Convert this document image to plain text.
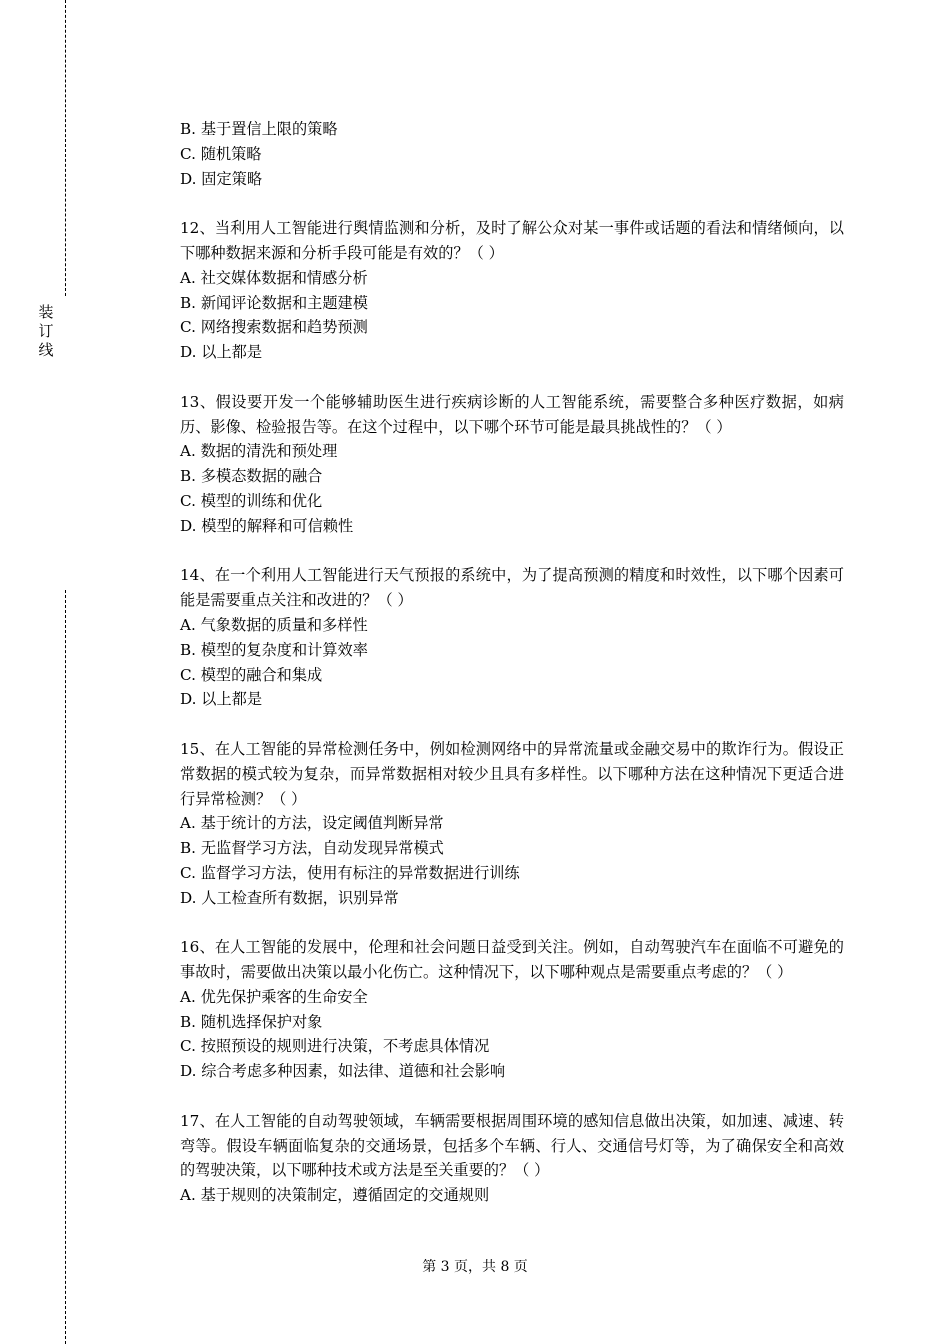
装
订
线
B. 基于置信上限的策略
C. 随机策略
D. 固定策略
12、当利用人工智能进行舆情监测和分析，及时了解公众对某一事件或话题的看法和情绪倾向，以下哪种数据来源和分析手段可能是有效的？（ ）
A. 社交媒体数据和情感分析
B. 新闻评论数据和主题建模
C. 网络搜索数据和趋势预测
D. 以上都是
13、假设要开发一个能够辅助医生进行疾病诊断的人工智能系统，需要整合多种医疗数据，如病历、影像、检验报告等。在这个过程中，以下哪个环节可能是最具挑战性的？（ ）
A. 数据的清洗和预处理
B. 多模态数据的融合
C. 模型的训练和优化
D. 模型的解释和可信赖性
14、在一个利用人工智能进行天气预报的系统中，为了提高预测的精度和时效性，以下哪个因素可能是需要重点关注和改进的？（ ）
A. 气象数据的质量和多样性
B. 模型的复杂度和计算效率
C. 模型的融合和集成
D. 以上都是
15、在人工智能的异常检测任务中，例如检测网络中的异常流量或金融交易中的欺诈行为。假设正常数据的模式较为复杂，而异常数据相对较少且具有多样性。以下哪种方法在这种情况下更适合进行异常检测？（ ）
A. 基于统计的方法，设定阈值判断异常
B. 无监督学习方法，自动发现异常模式
C. 监督学习方法，使用有标注的异常数据进行训练
D. 人工检查所有数据，识别异常
16、在人工智能的发展中，伦理和社会问题日益受到关注。例如，自动驾驶汽车在面临不可避免的事故时，需要做出决策以最小化伤亡。这种情况下，以下哪种观点是需要重点考虑的？（ ）
A. 优先保护乘客的生命安全
B. 随机选择保护对象
C. 按照预设的规则进行决策，不考虑具体情况
D. 综合考虑多种因素，如法律、道德和社会影响
17、在人工智能的自动驾驶领域，车辆需要根据周围环境的感知信息做出决策，如加速、减速、转弯等。假设车辆面临复杂的交通场景，包括多个车辆、行人、交通信号灯等，为了确保安全和高效的驾驶决策，以下哪种技术或方法是至关重要的？（ ）
A. 基于规则的决策制定，遵循固定的交通规则
第 3 页，共 8 页
